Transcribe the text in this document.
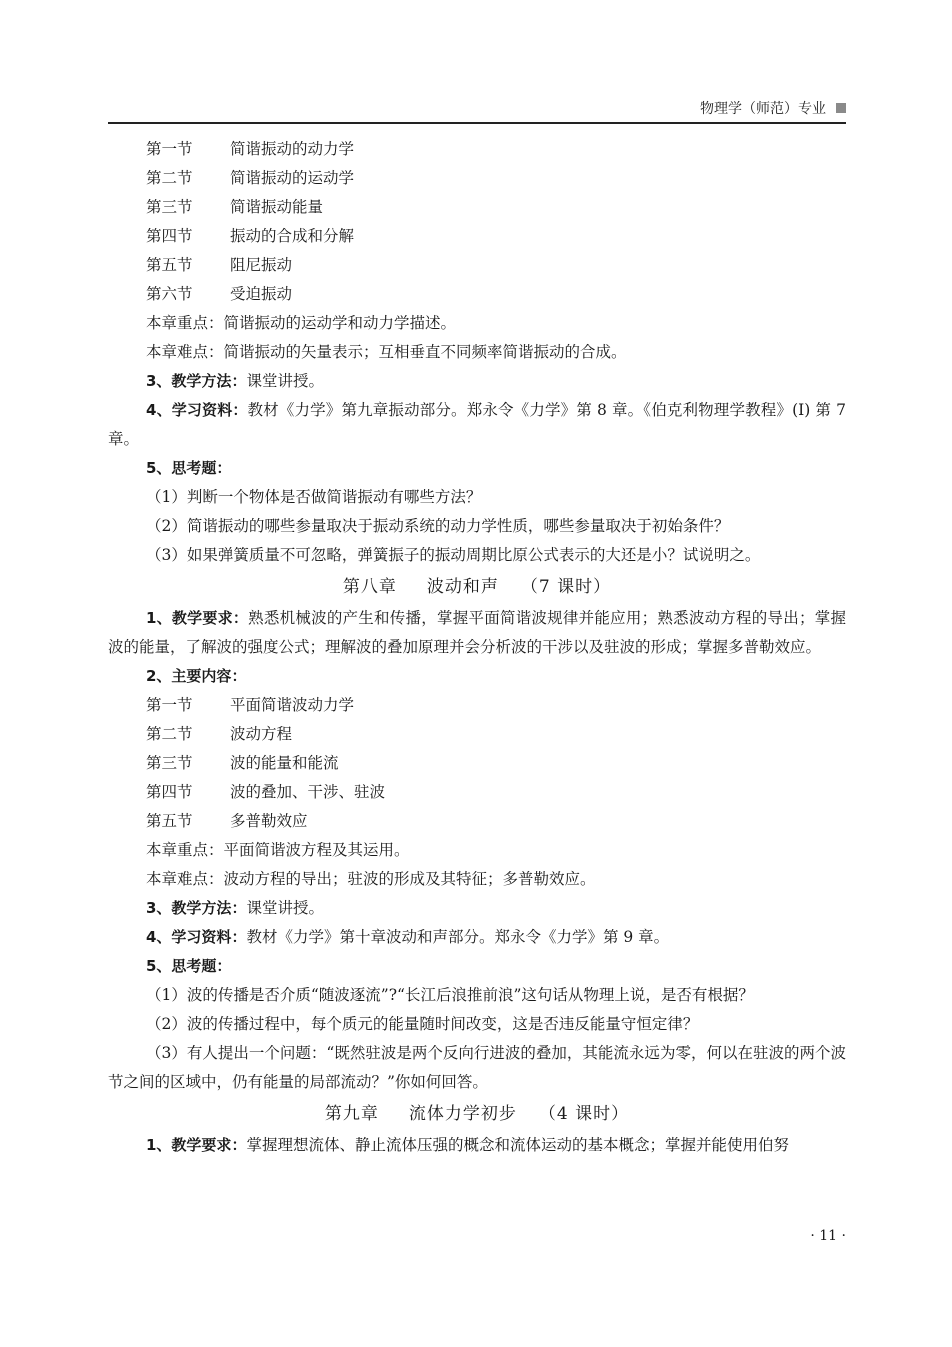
物理学（师范）专业
第一节 简谐振动的动力学
第二节 简谐振动的运动学
第三节 简谐振动能量
第四节 振动的合成和分解
第五节 阻尼振动
第六节 受迫振动
本章重点：简谐振动的运动学和动力学描述。
本章难点：简谐振动的矢量表示；互相垂直不同频率简谐振动的合成。
3、教学方法：课堂讲授。
4、学习资料：教材《力学》第九章振动部分。郑永令《力学》第 8 章。《伯克利物理学教程》(I) 第 7 章。
5、思考题：
（1）判断一个物体是否做简谐振动有哪些方法？
（2）简谐振动的哪些参量取决于振动系统的动力学性质，哪些参量取决于初始条件？
（3）如果弹簧质量不可忽略，弹簧振子的振动周期比原公式表示的大还是小？试说明之。
第八章 波动和声 （7 课时）
1、教学要求：熟悉机械波的产生和传播，掌握平面简谐波规律并能应用；熟悉波动方程的导出；掌握波的能量，了解波的强度公式；理解波的叠加原理并会分析波的干涉以及驻波的形成；掌握多普勒效应。
2、主要内容：
第一节 平面简谐波动力学
第二节 波动方程
第三节 波的能量和能流
第四节 波的叠加、干涉、驻波
第五节 多普勒效应
本章重点：平面简谐波方程及其运用。
本章难点：波动方程的导出；驻波的形成及其特征；多普勒效应。
3、教学方法：课堂讲授。
4、学习资料：教材《力学》第十章波动和声部分。郑永令《力学》第 9 章。
5、思考题：
（1）波的传播是否介质“随波逐流”?“长江后浪推前浪”这句话从物理上说，是否有根据？
（2）波的传播过程中，每个质元的能量随时间改变，这是否违反能量守恒定律？
（3）有人提出一个问题：“既然驻波是两个反向行进波的叠加，其能流永远为零，何以在驻波的两个波节之间的区域中，仍有能量的局部流动？”你如何回答。
第九章 流体力学初步 （4 课时）
1、教学要求：掌握理想流体、静止流体压强的概念和流体运动的基本概念；掌握并能使用伯努
· 11 ·
